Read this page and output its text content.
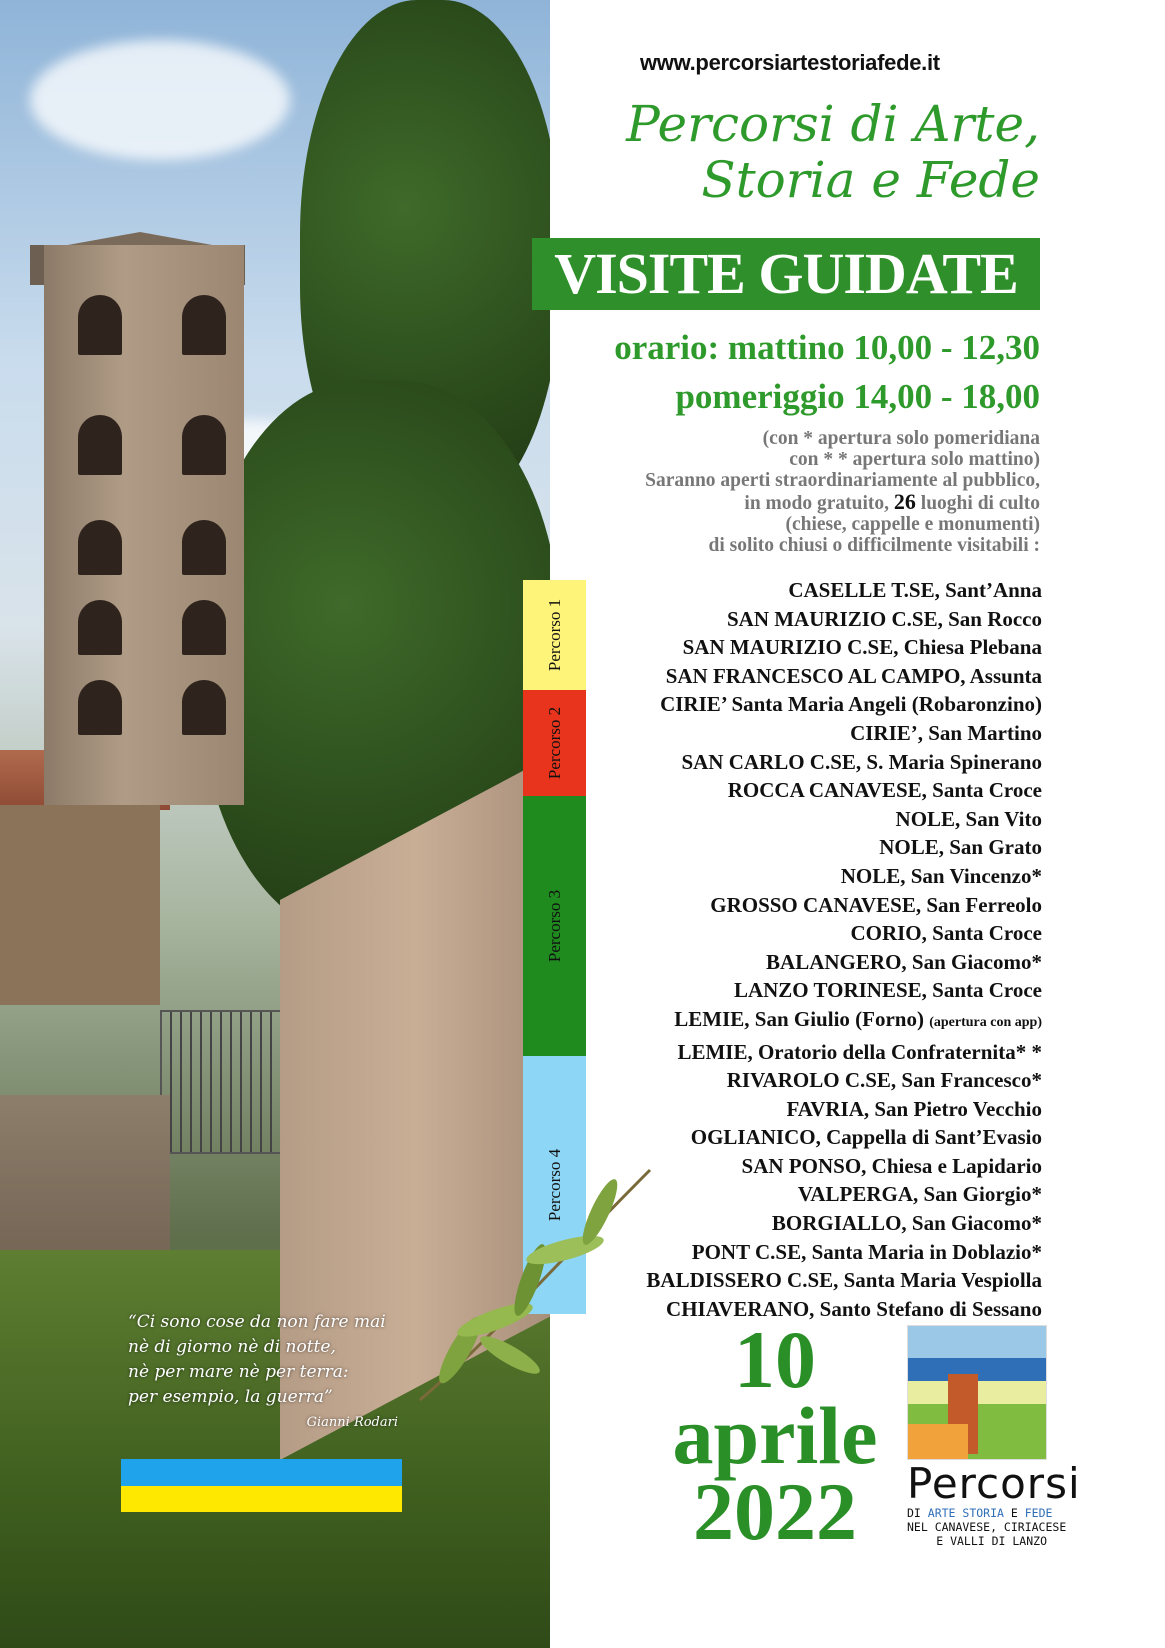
“Ci sono cose da non fare mai
nè di giorno nè di notte,
nè per mare nè per terra:
per esempio, la guerra”
Gianni Rodari
www.percorsiartestoriafede.it
Percorsi di Arte,
Storia e Fede
VISITE GUIDATE
orario: mattino 10,00 - 12,30
pomeriggio 14,00 - 18,00
(con * apertura solo pomeridiana
con * * apertura solo mattino)
Saranno aperti straordinariamente al pubblico,
in modo gratuito, 26 luoghi di culto
(chiese, cappelle e monumenti)
di solito chiusi o difficilmente visitabili :
Percorso 1
Percorso 2
Percorso 3
Percorso 4
CASELLE T.SE, Sant’Anna
SAN MAURIZIO C.SE, San Rocco
SAN MAURIZIO C.SE, Chiesa Plebana
SAN FRANCESCO AL CAMPO, Assunta
CIRIE’ Santa Maria Angeli (Robaronzino)
CIRIE’, San Martino
SAN CARLO C.SE, S. Maria Spinerano
ROCCA CANAVESE, Santa Croce
NOLE, San Vito
NOLE, San Grato
NOLE, San Vincenzo*
GROSSO CANAVESE, San Ferreolo
CORIO, Santa Croce
BALANGERO, San Giacomo*
LANZO TORINESE, Santa Croce
LEMIE, San Giulio (Forno) (apertura con app)
LEMIE, Oratorio della Confraternita* *
RIVAROLO C.SE, San Francesco*
FAVRIA, San Pietro Vecchio
OGLIANICO, Cappella di Sant’Evasio
SAN PONSO, Chiesa e Lapidario
VALPERGA, San Giorgio*
BORGIALLO, San Giacomo*
PONT C.SE, Santa Maria in Doblazio*
BALDISSERO C.SE, Santa Maria Vespiolla
CHIAVERANO, Santo Stefano di Sessano
10
aprile
2022	Percorsi
DI ARTE STORIA E FEDE
NEL CANAVESE, CIRIACESE
E VALLI DI LANZO
